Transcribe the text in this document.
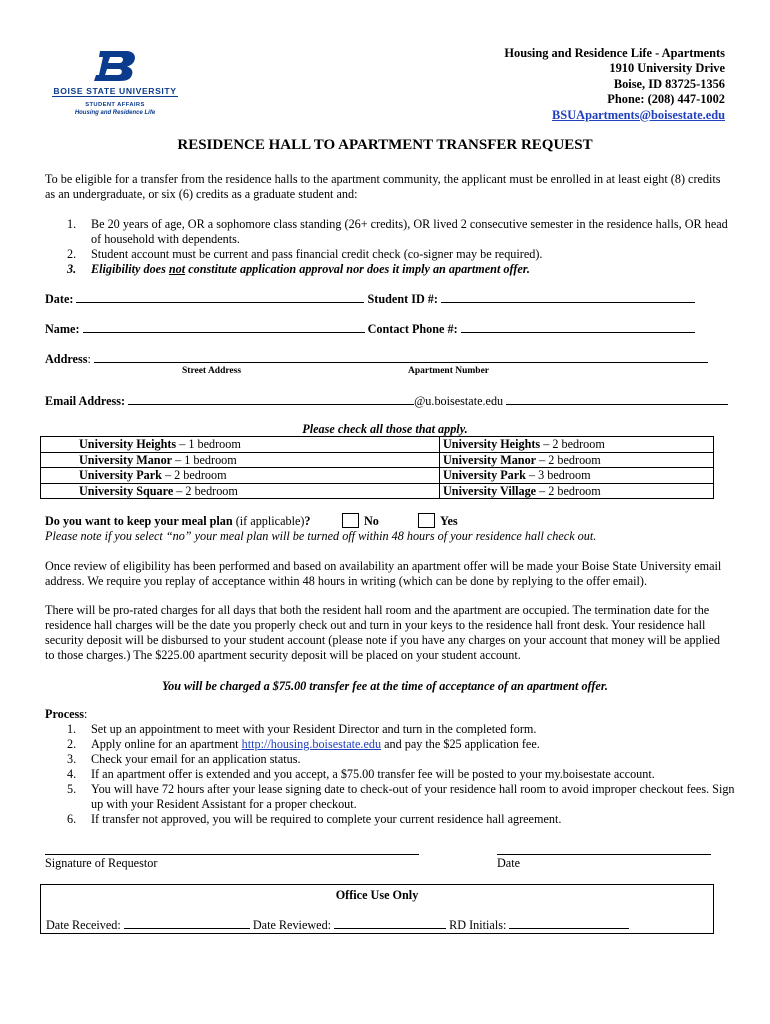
BOISE STATE UNIVERSITY
STUDENT AFFAIRS
Housing and Residence Life
Housing and Residence Life - Apartments
1910 University Drive
Boise, ID 83725-1356
Phone: (208) 447-1002
BSUApartments@boisestate.edu
RESIDENCE HALL TO APARTMENT TRANSFER REQUEST
To be eligible for a transfer from the residence halls to the apartment community, the applicant must be enrolled in at least eight (8) credits as an undergraduate, or six (6) credits as a graduate student and:
1. Be 20 years of age, OR a sophomore class standing (26+ credits), OR lived 2 consecutive semester in the residence halls, OR head of household with dependents.
2. Student account must be current and pass financial credit check (co-signer may be required).
3. Eligibility does not constitute application approval nor does it imply an apartment offer.
Date:	Student ID #:
Name:	Contact Phone #:
Address:
Street Address	Apartment Number
Email Address:	@u.boisestate.edu
Please check all those that apply.
University Heights – 1 bedroom	University Heights – 2 bedroom
University Manor – 1 bedroom	University Manor – 2 bedroom
University Park – 2 bedroom	University Park – 3 bedroom
University Square – 2 bedroom	University Village – 2 bedroom
Do you want to keep your meal plan (if applicable)?	No	Yes
Please note if you select “no” your meal plan will be turned off within 48 hours of your residence hall check out.
Once review of eligibility has been performed and based on availability an apartment offer will be made your Boise State University email address. We require you replay of acceptance within 48 hours in writing (which can be done by replying to the offer email).
There will be pro-rated charges for all days that both the resident hall room and the apartment are occupied. The termination date for the residence hall charges will be the date you properly check out and turn in your keys to the residence hall front desk. Your residence hall security deposit will be disbursed to your student account (please note if you have any charges on your account that money will be applied to those charges.) The $225.00 apartment security deposit will be placed on your student account.
You will be charged a $75.00 transfer fee at the time of acceptance of an apartment offer.
Process:
1. Set up an appointment to meet with your Resident Director and turn in the completed form.
2. Apply online for an apartment http://housing.boisestate.edu and pay the $25 application fee.
3. Check your email for an application status.
4. If an apartment offer is extended and you accept, a $75.00 transfer fee will be posted to your my.boisestate account.
5. You will have 72 hours after your lease signing date to check-out of your residence hall room to avoid improper checkout fees. Sign up with your Resident Assistant for a proper checkout.
6. If transfer not approved, you will be required to complete your current residence hall agreement.
Signature of Requestor	Date
Office Use Only
Date Received:	Date Reviewed:	RD Initials:
